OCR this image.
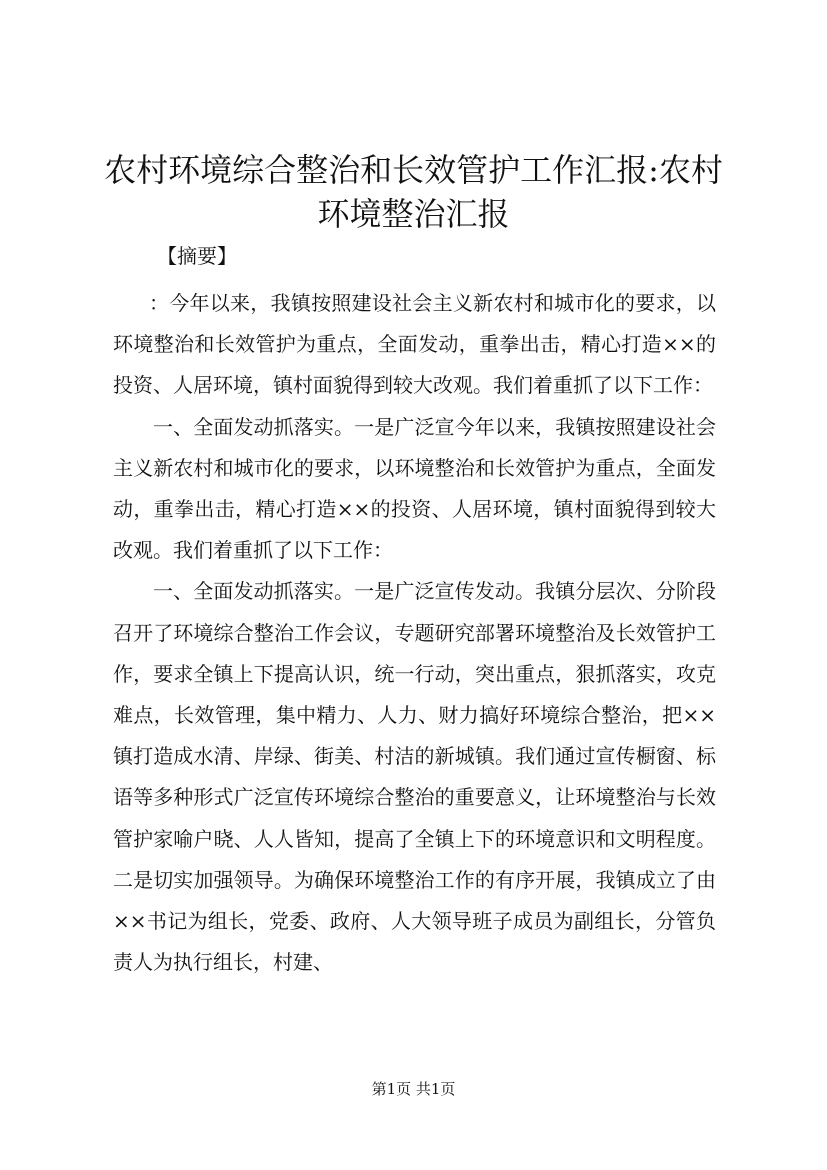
农村环境综合整治和长效管护工作汇报:农村环境整治汇报
【摘要】

：今年以来，我镇按照建设社会主义新农村和城市化的要求，以环境整治和长效管护为重点，全面发动，重拳出击，精心打造××的投资、人居环境，镇村面貌得到较大改观。我们着重抓了以下工作：

一、全面发动抓落实。一是广泛宣今年以来，我镇按照建设社会主义新农村和城市化的要求，以环境整治和长效管护为重点，全面发动，重拳出击，精心打造××的投资、人居环境，镇村面貌得到较大改观。我们着重抓了以下工作：

一、全面发动抓落实。一是广泛宣传发动。我镇分层次、分阶段召开了环境综合整治工作会议，专题研究部署环境整治及长效管护工作，要求全镇上下提高认识，统一行动，突出重点，狠抓落实，攻克难点，长效管理，集中精力、人力、财力搞好环境综合整治，把××镇打造成水清、岸绿、街美、村洁的新城镇。我们通过宣传橱窗、标语等多种形式广泛宣传环境综合整治的重要意义，让环境整治与长效管护家喻户晓、人人皆知，提高了全镇上下的环境意识和文明程度。二是切实加强领导。为确保环境整治工作的有序开展，我镇成立了由××书记为组长，党委、政府、人大领导班子成员为副组长，分管负责人为执行组长，村建、

第1页 共1页
